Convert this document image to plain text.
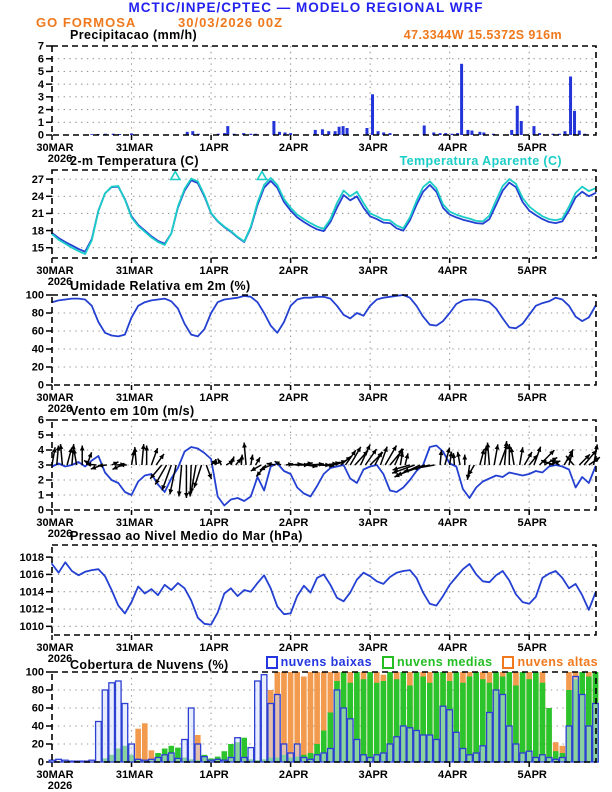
MCTIC/INPE/CPTEC — MODELO REGIONAL WRF
GO FORMOSA	30/03/2026 00Z
Precipitacao (mm/h)	47.3344W 15.5372S 916m
0
1
2
3
4
5
6
7
30MAR
2026
31MAR	1APR	2APR	3APR	4APR	5APR
2-m Temperatura (C)	Temperatura Aparente (C)
15
18
21
24
27
30MAR
2026
31MAR	1APR	2APR	3APR	4APR	5APR
Umidade Relativa em 2m (%)
0
20
40
60
80
100
30MAR
2026
31MAR	1APR	2APR	3APR	4APR	5APR
Vento em 10m (m/s)
0
1
2
3
4
5
6
30MAR
2026
31MAR	1APR	2APR	3APR	4APR	5APR
Pressao ao Nivel Medio do Mar (hPa)
1010
1012
1014
1016
1018
30MAR
2026
31MAR	1APR	2APR	3APR	4APR	5APR
Cobertura de Nuvens (%)	nuvens baixas nuvens medias nuvens altas
0
20
40
60
80
100
30MAR
2026
31MAR	1APR	2APR	3APR	4APR	5APR
